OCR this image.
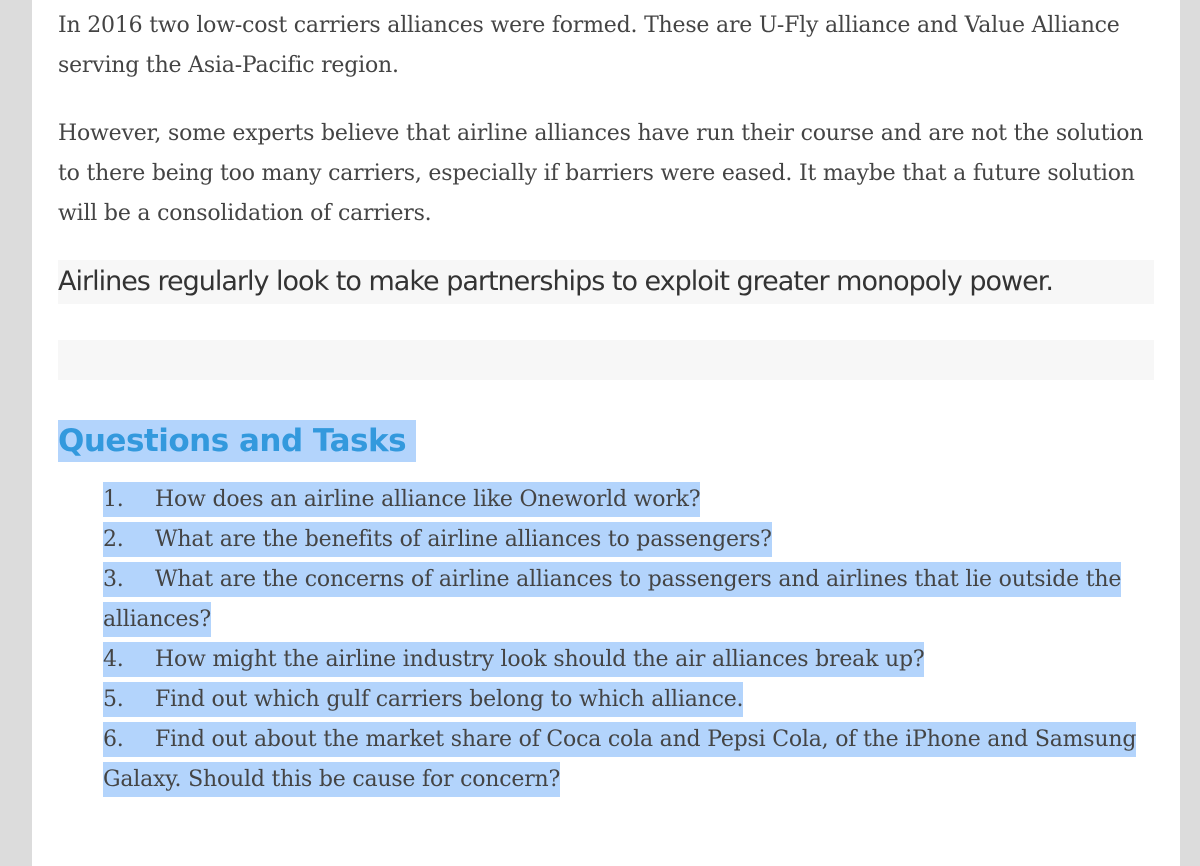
In 2016 two low-cost carriers alliances were formed. These are U-Fly alliance and Value Alliance serving the Asia-Pacific region.

However, some experts believe that airline alliances have run their course and are not the solution to there being too many carriers, especially if barriers were eased. It maybe that a future solution will be a consolidation of carriers.

Airlines regularly look to make partnerships to exploit greater monopoly power.

Questions and Tasks
1. How does an airline alliance like Oneworld work?
2. What are the benefits of airline alliances to passengers?
3. What are the concerns of airline alliances to passengers and airlines that lie outside the alliances?
4. How might the airline industry look should the air alliances break up?
5. Find out which gulf carriers belong to which alliance.
6. Find out about the market share of Coca cola and Pepsi Cola, of the iPhone and Samsung Galaxy. Should this be cause for concern?
